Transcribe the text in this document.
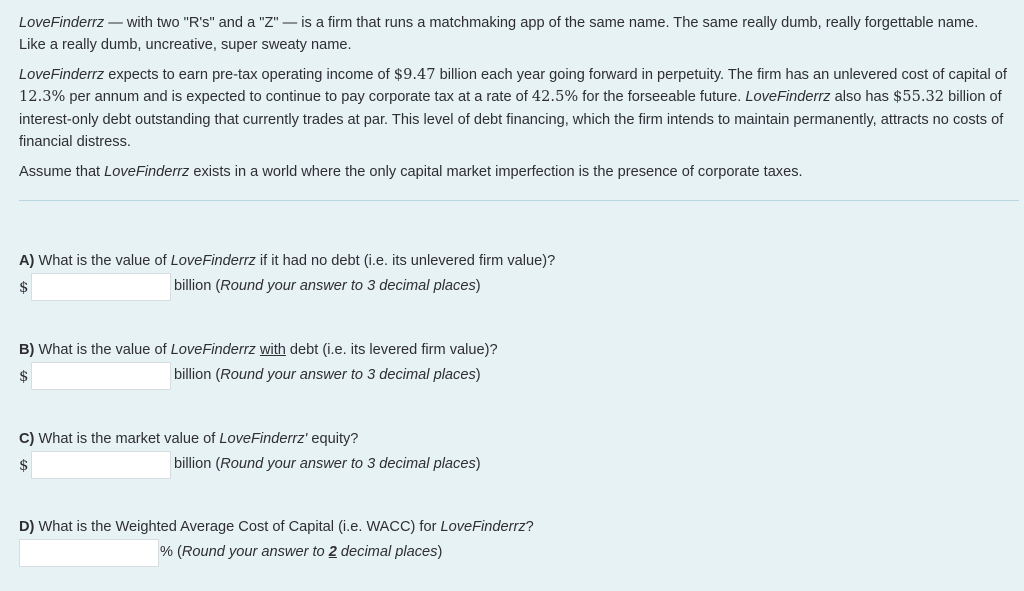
LoveFinderrz — with two "R's" and a "Z" — is a firm that runs a matchmaking app of the same name. The same really dumb, really forgettable name. Like a really dumb, uncreative, super sweaty name.

LoveFinderrz expects to earn pre-tax operating income of $9.47 billion each year going forward in perpetuity. The firm has an unlevered cost of capital of 12.3% per annum and is expected to continue to pay corporate tax at a rate of 42.5% for the forseeable future. LoveFinderrz also has $55.32 billion of interest-only debt outstanding that currently trades at par. This level of debt financing, which the firm intends to maintain permanently, attracts no costs of financial distress.

Assume that LoveFinderrz exists in a world where the only capital market imperfection is the presence of corporate taxes.

A) What is the value of LoveFinderrz if it had no debt (i.e. its unlevered firm value)?

$	billion (Round your answer to 3 decimal places)

B) What is the value of LoveFinderrz with debt (i.e. its levered firm value)?

$	billion (Round your answer to 3 decimal places)

C) What is the market value of LoveFinderrz' equity?

$	billion (Round your answer to 3 decimal places)

D) What is the Weighted Average Cost of Capital (i.e. WACC) for LoveFinderrz?

% (Round your answer to 2 decimal places)
